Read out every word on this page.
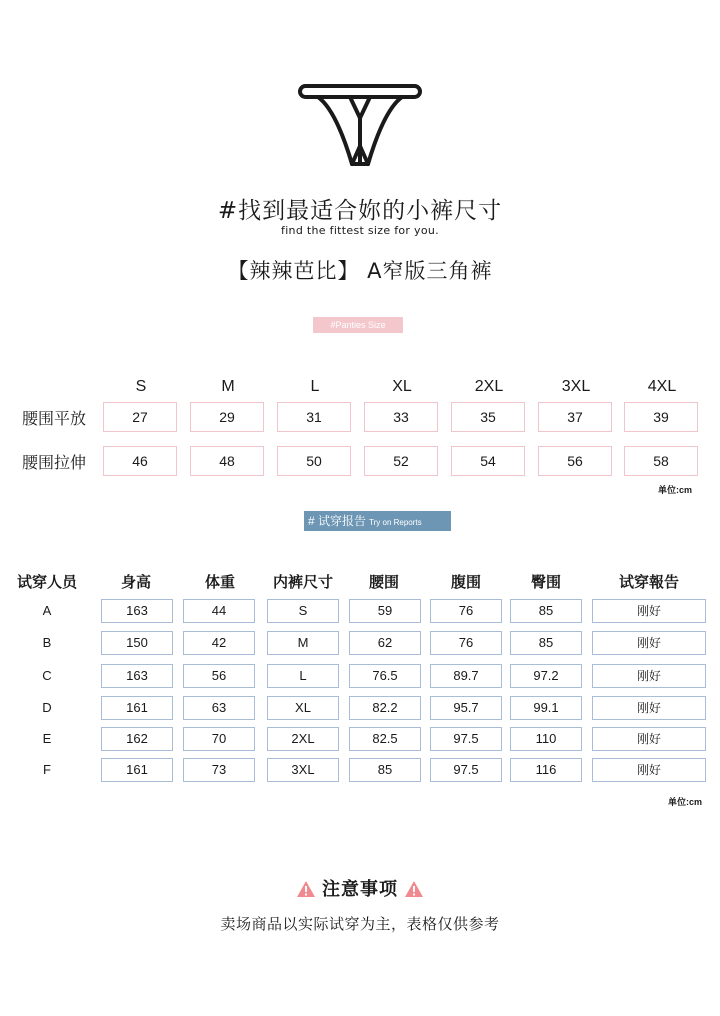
#找到最适合妳的小裤尺寸
find the fittest size for you.
【辣辣芭比】 A窄版三角裤
#Panties Size
S	M	L	XL	2XL	3XL	4XL
腰围平放	27	29	31	33	35	37	39
腰围拉伸	46	48	50	52	54	56	58
单位:cm
# 试穿报告 Try on Reports
试穿人员	身高	体重	内裤尺寸	腰围	腹围	臀围	试穿報告
A	163	44	S	59	76	85	刚好
B	150	42	M	62	76	85	刚好
C	163	56	L	76.5	89.7	97.2	刚好
D	161	63	XL	82.2	95.7	99.1	刚好
E	162	70	2XL	82.5	97.5	110	刚好
F	161	73	3XL	85	97.5	116	刚好
单位:cm
注意事项
卖场商品以实际试穿为主，表格仅供参考
